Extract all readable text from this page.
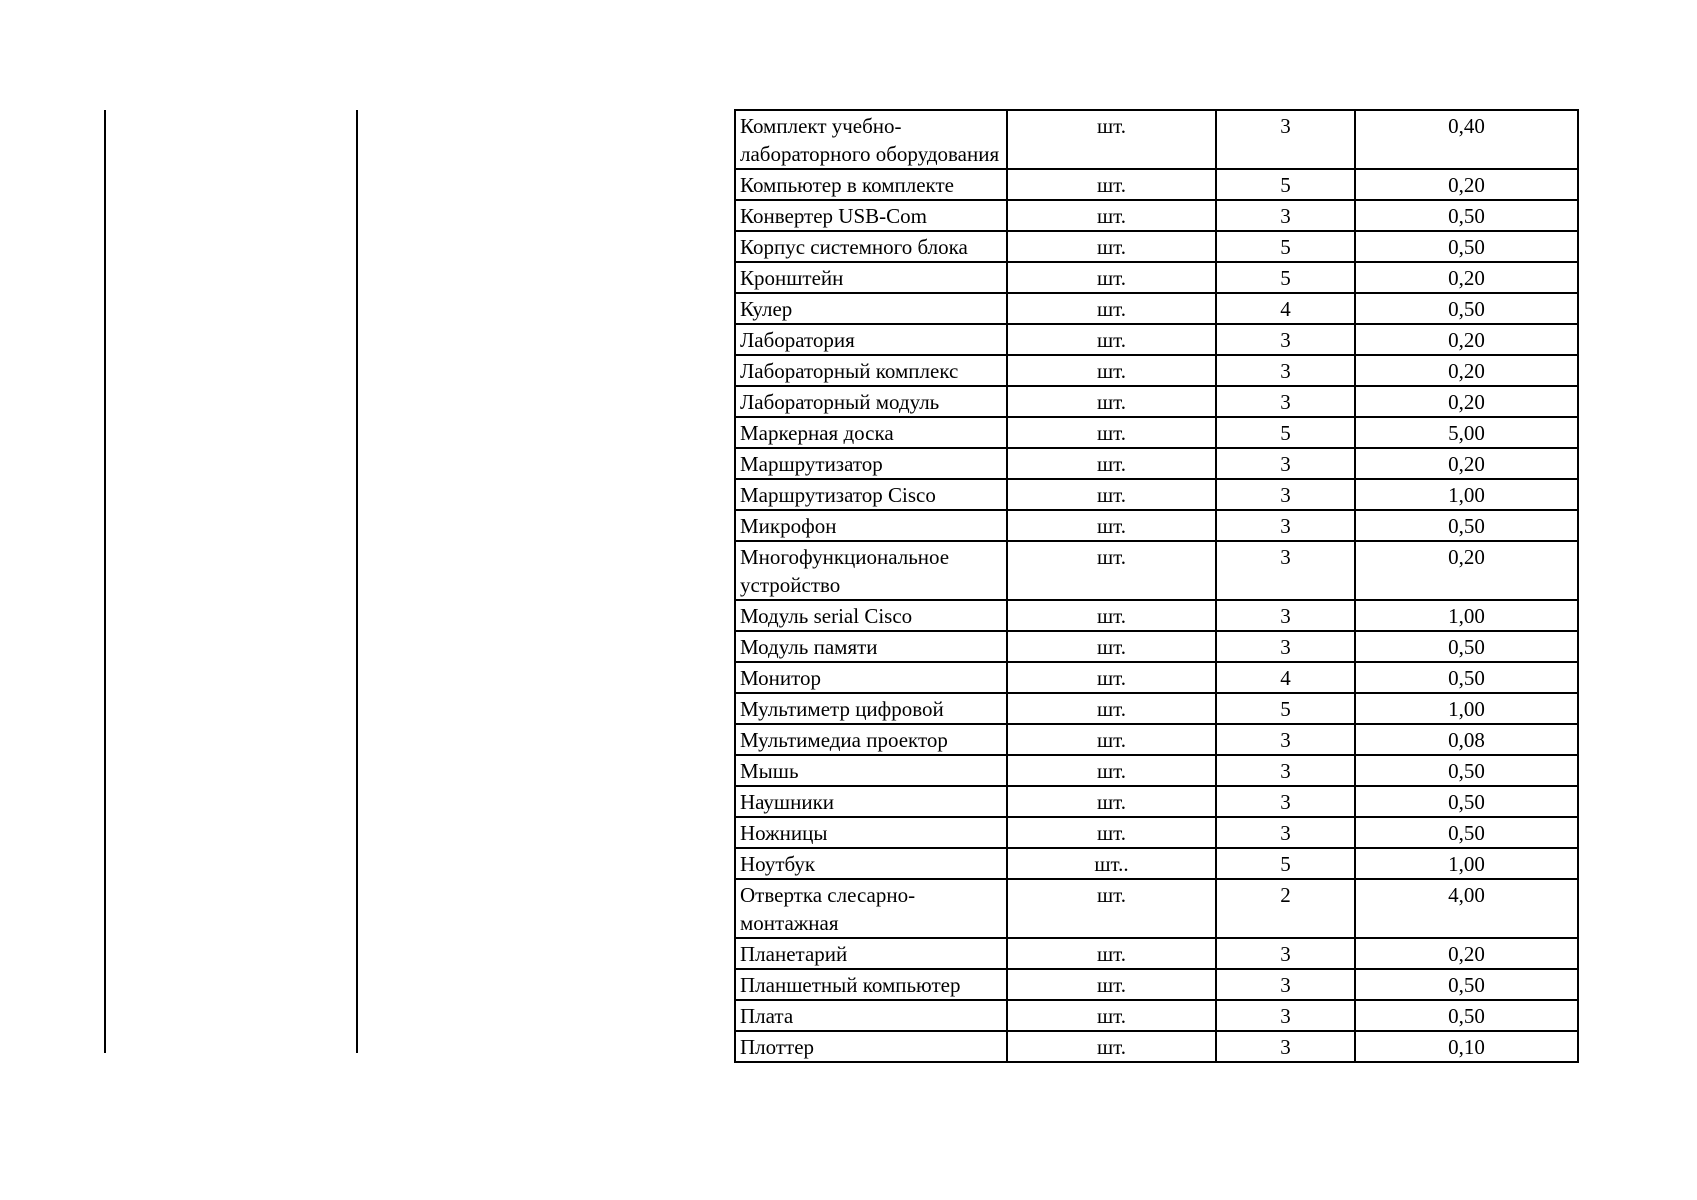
Комплект учебно-лабораторного оборудования	шт.	3	0,40
Компьютер в комплекте	шт.	5	0,20
Конвертер USB-Com	шт.	3	0,50
Корпус системного блока	шт.	5	0,50
Кронштейн	шт.	5	0,20
Кулер	шт.	4	0,50
Лаборатория	шт.	3	0,20
Лабораторный комплекс	шт.	3	0,20
Лабораторный модуль	шт.	3	0,20
Маркерная доска	шт.	5	5,00
Маршрутизатор	шт.	3	0,20
Маршрутизатор Cisco	шт.	3	1,00
Микрофон	шт.	3	0,50
Многофункциональное устройство	шт.	3	0,20
Модуль serial Cisco	шт.	3	1,00
Модуль памяти	шт.	3	0,50
Монитор	шт.	4	0,50
Мультиметр цифровой	шт.	5	1,00
Мультимедиа проектор	шт.	3	0,08
Мышь	шт.	3	0,50
Наушники	шт.	3	0,50
Ножницы	шт.	3	0,50
Ноутбук	шт..	5	1,00
Отвертка слесарно-монтажная	шт.	2	4,00
Планетарий	шт.	3	0,20
Планшетный компьютер	шт.	3	0,50
Плата	шт.	3	0,50
Плоттер	шт.	3	0,10
